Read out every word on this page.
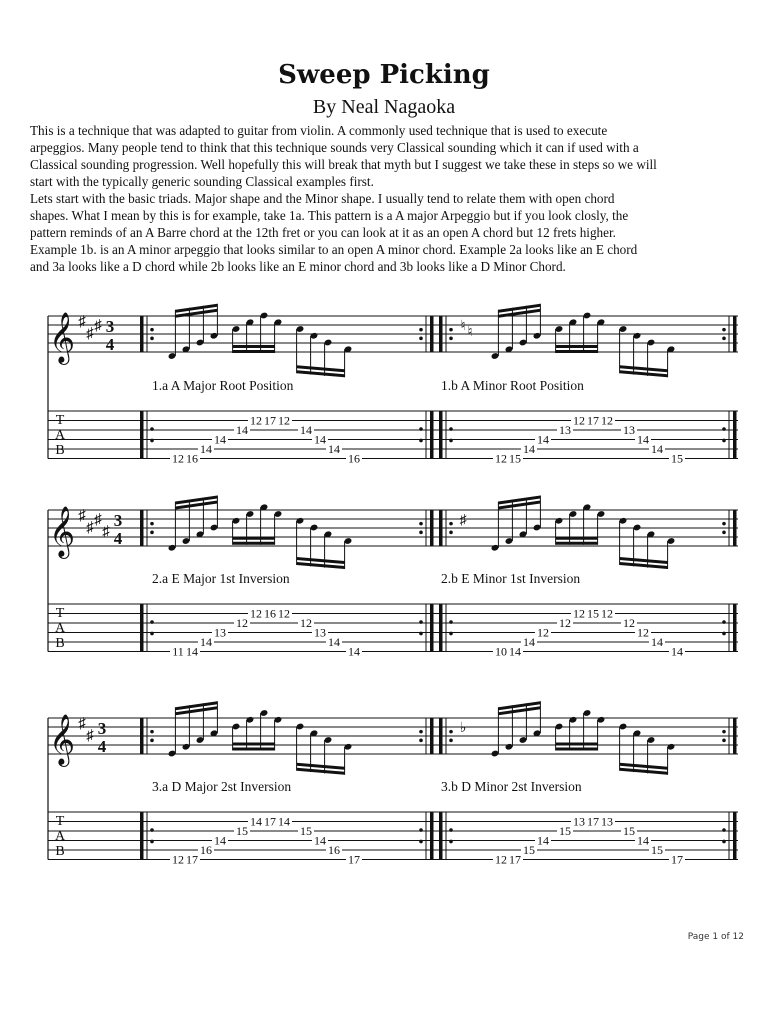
Sweep Picking
By Neal Nagaoka
This is a technique that was adapted to guitar from violin. A commonly used technique that is used to execute
arpeggios. Many people tend to think that this technique sounds very Classical sounding which it can if used with a
Classical sounding progression. Well hopefully this will break that myth but I suggest we take these in steps so we will
start with the typically generic sounding Classical examples first.
Lets start with the basic triads. Major shape and the Minor shape. I usually tend to relate them with open chord
shapes. What I mean by this is for example, take 1a. This pattern is a A major Arpeggio but if you look closly, the
pattern reminds of an A Barre chord at the 12th fret or you can look at it as an open A chord but 12 frets higher.
Example 1b. is an A minor arpeggio that looks similar to an open A minor chord. Example 2a looks like an E chord
and 3a looks like a D chord while 2b looks like an E minor chord and 3b looks like a D Minor Chord.
𝄞 ♯
♯ ♯ 3
4
T
A
B
1.a A Major Root Position
12 16
14
14
14
12 17 12
14
14
14
16
♮ ♮
1.b A Minor Root Position
12 15
14
14
13
12 17 12
13
14
14
15
𝄞 ♯
♯ ♯
♯
3
4
T
A
B
2.a E Major 1st Inversion
11 14
14
13
12
12 16 12
12
13
14
14
♯
2.b E Minor 1st Inversion
10 14
14
12
12
12 15 12
12
12
14
14
𝄞 ♯
♯ 3
4
T
A
B
3.a D Major 2st Inversion
12 17
16
14
15
14 17 14
15
14
16
17
♭
3.b D Minor 2st Inversion
12 17
15
14
15
13 17 13
15
14
15
17
Page 1 of 12
